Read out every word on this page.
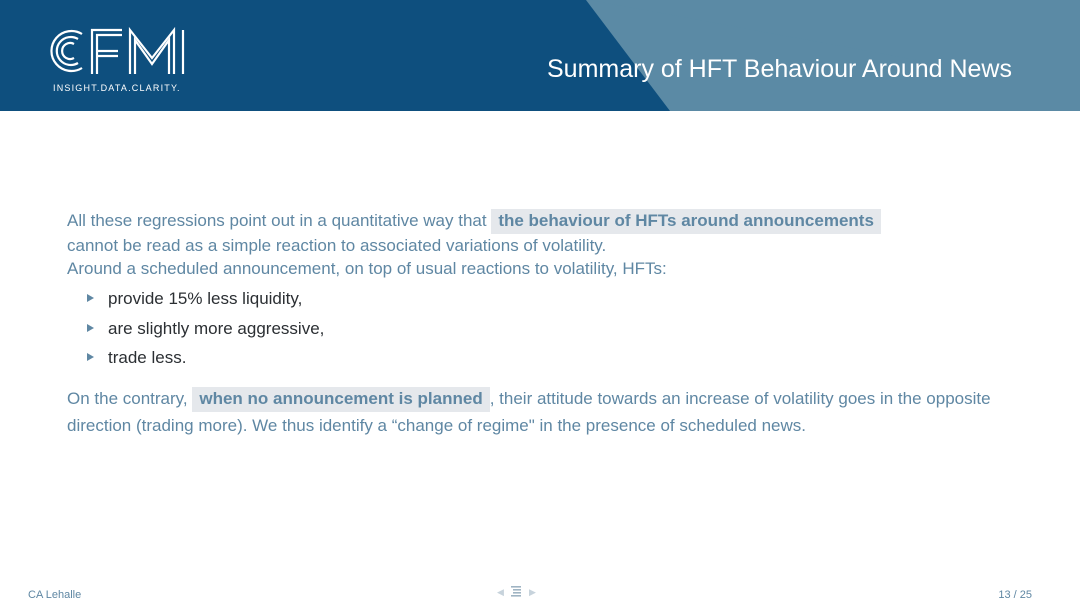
INSIGHT.DATA.CLARITY.
Summary of HFT Behaviour Around News
All these regressions point out in a quantitative way that the behaviour of HFTs around announcements
cannot be read as a simple reaction to associated variations of volatility.
Around a scheduled announcement, on top of usual reactions to volatility, HFTs:
provide 15% less liquidity,
are slightly more aggressive,
trade less.
On the contrary, when no announcement is planned , their attitude towards an increase of volatility goes in the opposite direction (trading more). We thus identify a “change of regime" in the presence of scheduled news.
CA Lehalle	◀	▶	13 / 25
